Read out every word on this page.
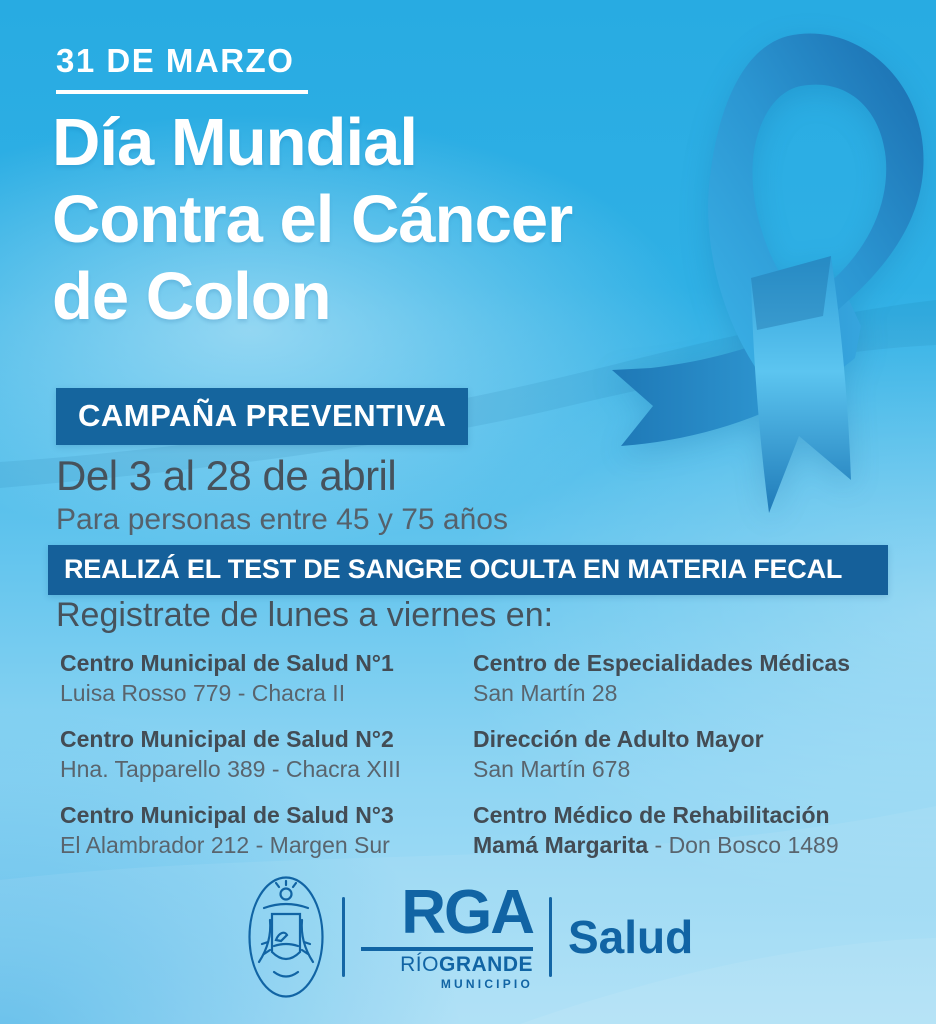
31 DE MARZO
Día Mundial
Contra el Cáncer
de Colon
CAMPAÑA PREVENTIVA
Del 3 al 28 de abril
Para personas entre 45 y 75 años
REALIZÁ EL TEST DE SANGRE OCULTA EN MATERIA FECAL
Registrate de lunes a viernes en:
Centro Municipal de Salud N°1
Luisa Rosso 779 - Chacra II
Centro Municipal de Salud N°2
Hna. Tapparello 389 - Chacra XIII
Centro Municipal de Salud N°3
El Alambrador 212 - Margen Sur
Centro de Especialidades Médicas
San Martín 28
Dirección de Adulto Mayor
San Martín 678
Centro Médico de Rehabilitación
Mamá Margarita - Don Bosco 1489
RGA
RÍOGRANDE
MUNICIPIO
Salud
